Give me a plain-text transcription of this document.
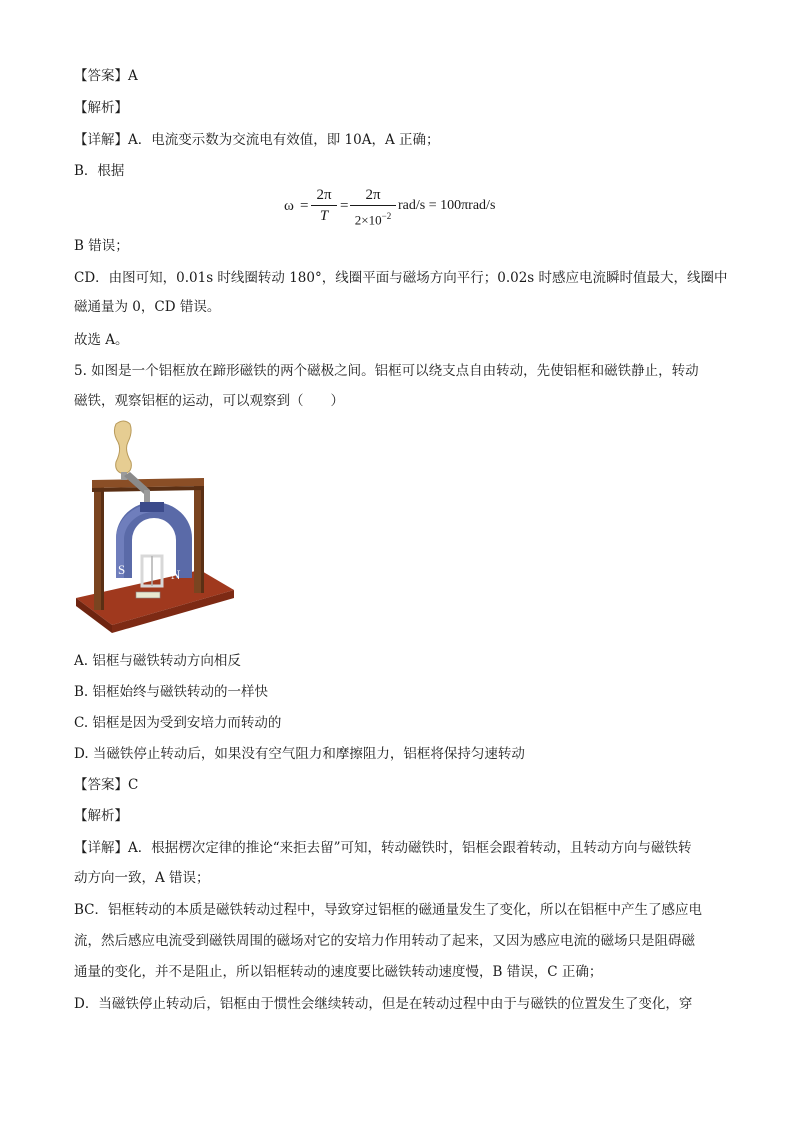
【答案】A
【解析】
【详解】A．电流变示数为交流电有效值，即 10A，A 正确；
B．根据
ω =
2π
T
=
2π
$2\times 10^{-2}$
rad/s = 100πrad/s
B 错误；
CD．由图可知，0.01s 时线圈转动 180°，线圈平面与磁场方向平行；0.02s 时感应电流瞬时值最大，线圈中
磁通量为 0，CD 错误。
故选 A。
5. 如图是一个铝框放在蹄形磁铁的两个磁极之间。铝框可以绕支点自由转动，先使铝框和磁铁静止，转动
磁铁，观察铝框的运动，可以观察到（　　）
S	N
A. 铝框与磁铁转动方向相反
B. 铝框始终与磁铁转动的一样快
C. 铝框是因为受到安培力而转动的
D. 当磁铁停止转动后，如果没有空气阻力和摩擦阻力，铝框将保持匀速转动
【答案】C
【解析】
【详解】A．根据楞次定律的推论“来拒去留”可知，转动磁铁时，铝框会跟着转动，且转动方向与磁铁转
动方向一致，A 错误；
BC．铝框转动的本质是磁铁转动过程中，导致穿过铝框的磁通量发生了变化，所以在铝框中产生了感应电
流，然后感应电流受到磁铁周围的磁场对它的安培力作用转动了起来，又因为感应电流的磁场只是阻碍磁
通量的变化，并不是阻止，所以铝框转动的速度要比磁铁转动速度慢，B 错误，C 正确；
D．当磁铁停止转动后，铝框由于惯性会继续转动，但是在转动过程中由于与磁铁的位置发生了变化，穿
